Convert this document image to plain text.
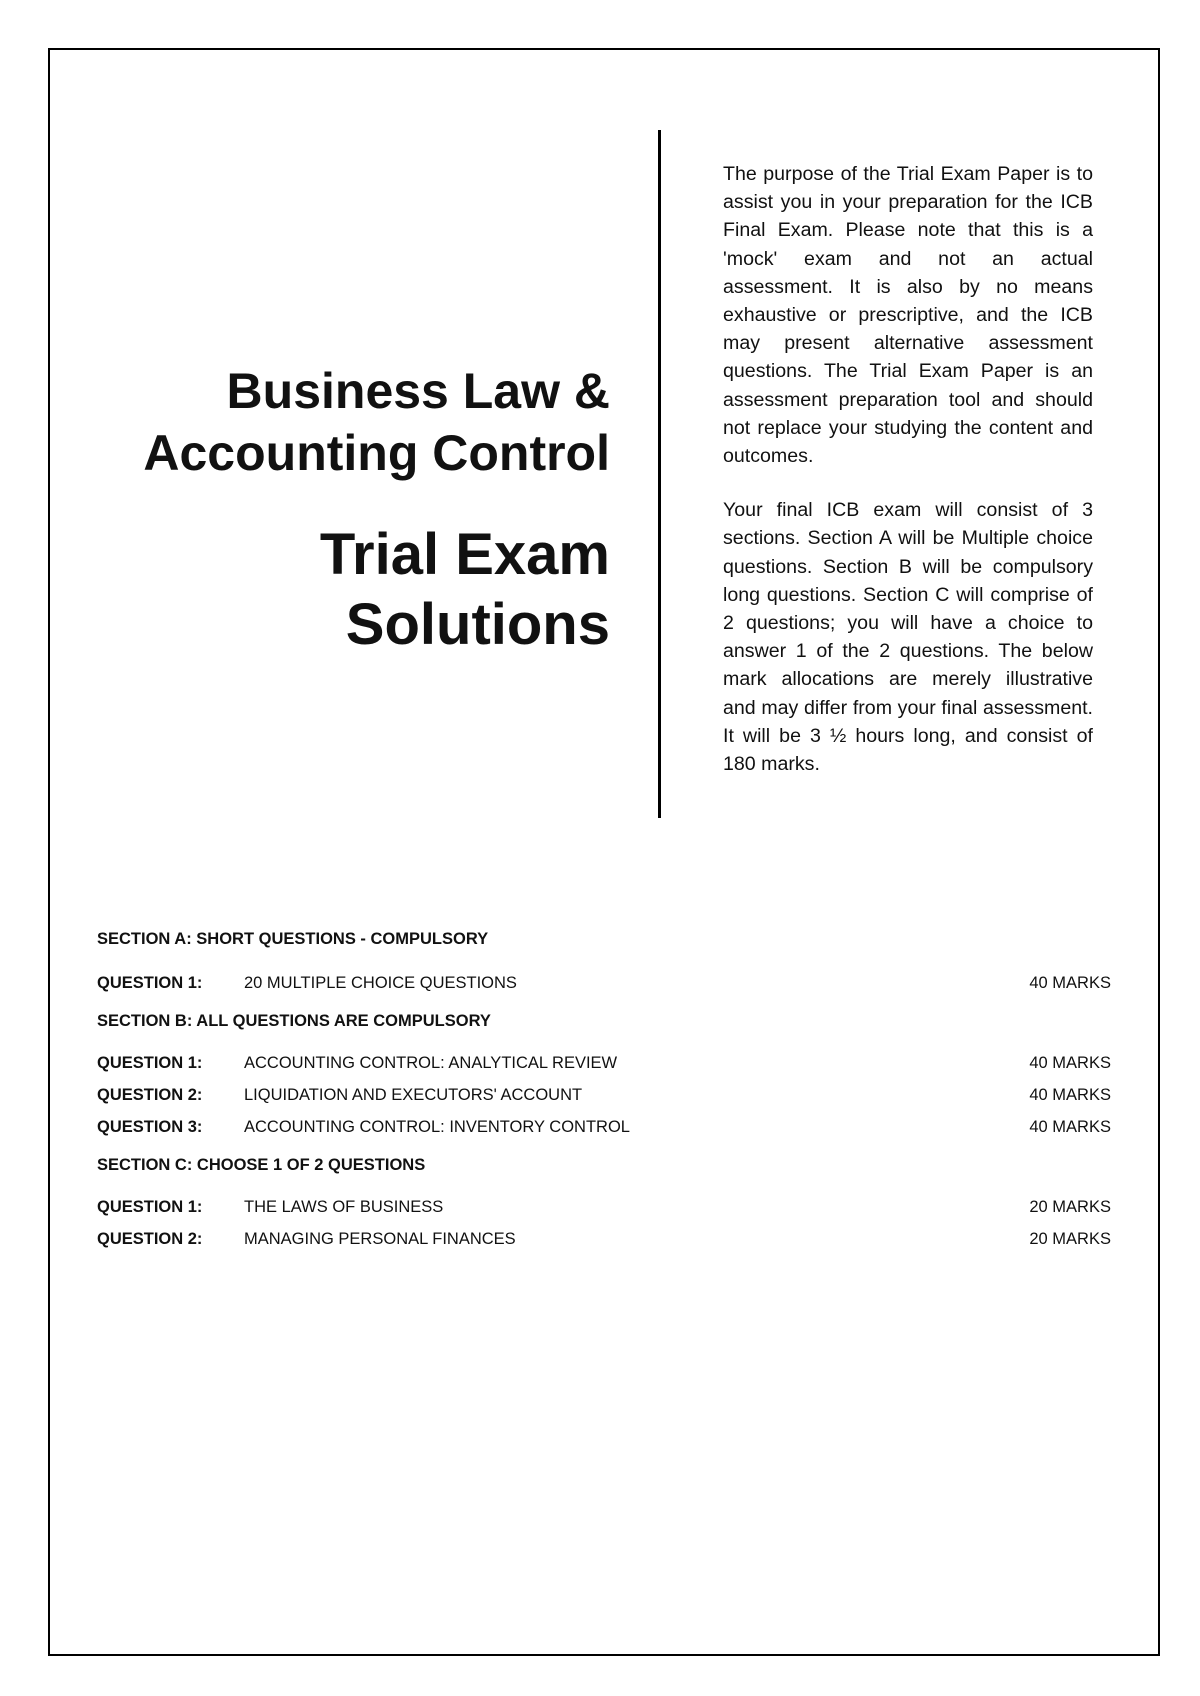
Business Law &
Accounting Control
Trial Exam
Solutions

The purpose of the Trial Exam Paper is to assist you in your preparation for the ICB Final Exam. Please note that this is a 'mock' exam and not an actual assessment. It is also by no means exhaustive or prescriptive, and the ICB may present alternative assessment questions. The Trial Exam Paper is an assessment preparation tool and should not replace your studying the content and outcomes.

Your final ICB exam will consist of 3 sections. Section A will be Multiple choice questions. Section B will be compulsory long questions. Section C will comprise of 2 questions; you will have a choice to answer 1 of the 2 questions. The below mark allocations are merely illustrative and may differ from your final assessment. It will be 3 ½ hours long, and consist of 180 marks.

SECTION A: SHORT QUESTIONS - COMPULSORY
QUESTION 1:	20 MULTIPLE CHOICE QUESTIONS	40 MARKS
SECTION B: ALL QUESTIONS ARE COMPULSORY
QUESTION 1:	ACCOUNTING CONTROL: ANALYTICAL REVIEW	40 MARKS
QUESTION 2:	LIQUIDATION AND EXECUTORS' ACCOUNT	40 MARKS
QUESTION 3:	ACCOUNTING CONTROL: INVENTORY CONTROL	40 MARKS
SECTION C: CHOOSE 1 OF 2 QUESTIONS
QUESTION 1:	THE LAWS OF BUSINESS	20 MARKS
QUESTION 2:	MANAGING PERSONAL FINANCES	20 MARKS
